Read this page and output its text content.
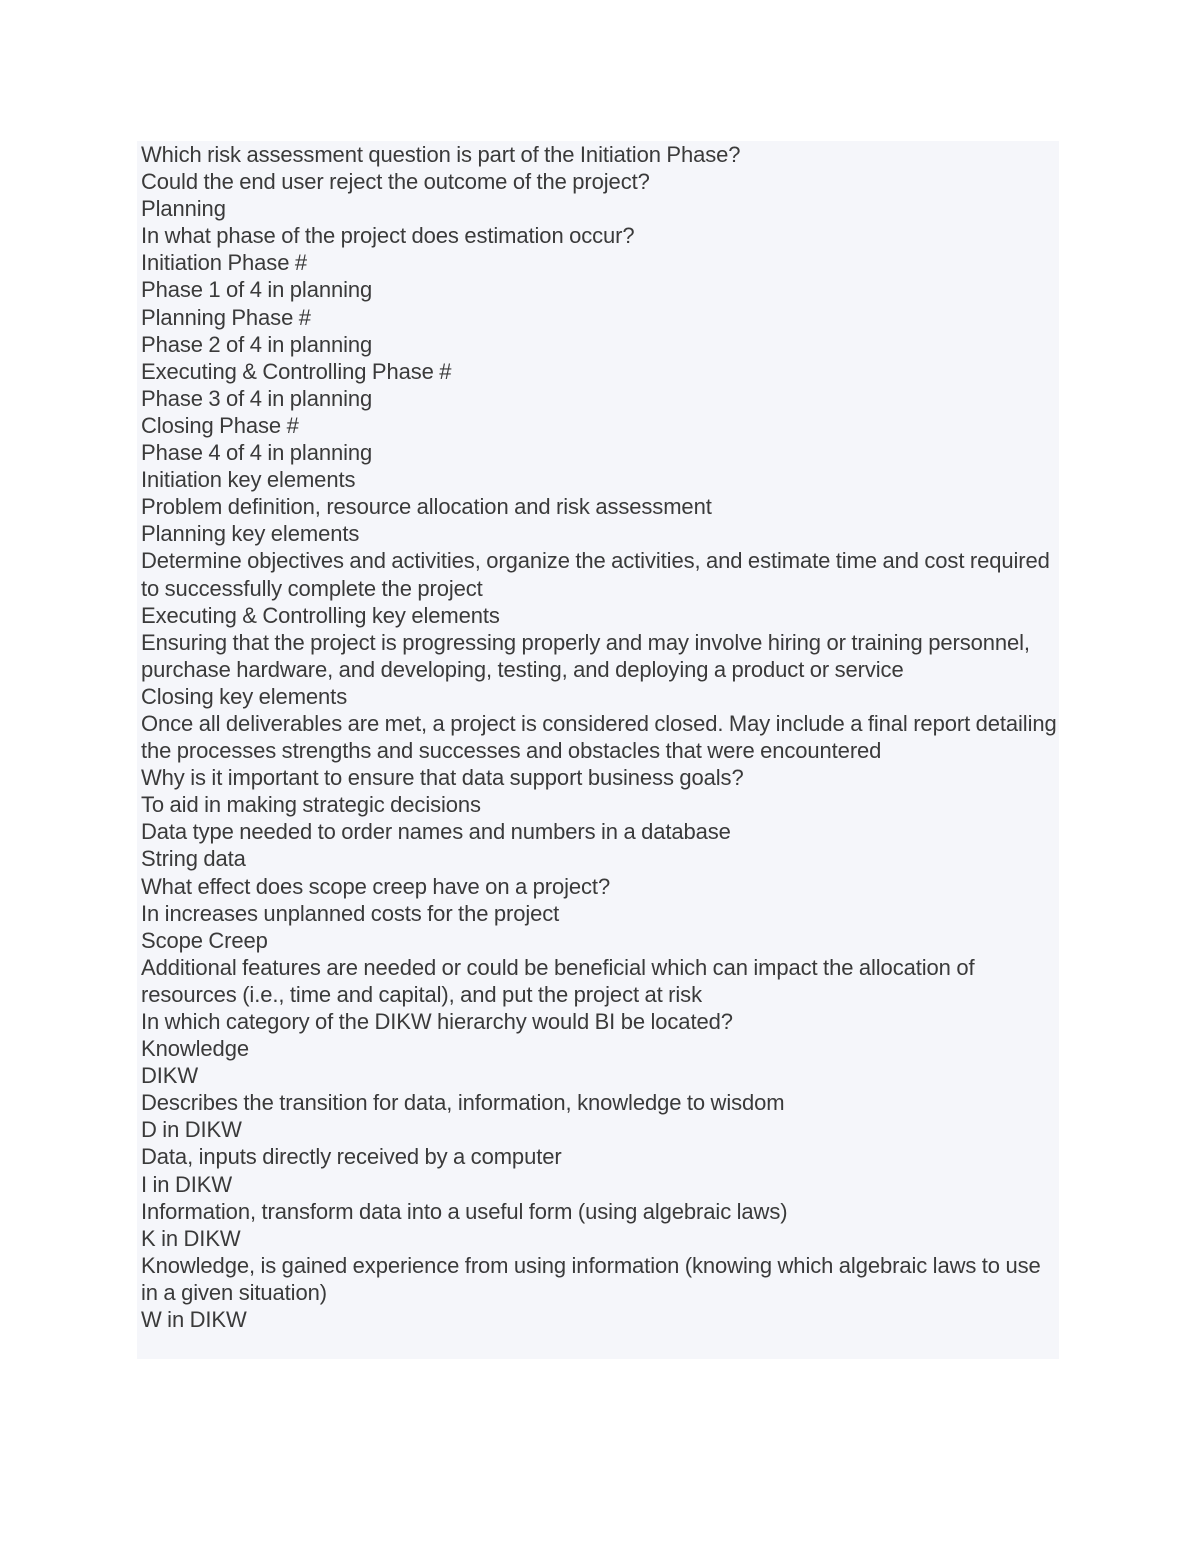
Which risk assessment question is part of the Initiation Phase?
Could the end user reject the outcome of the project?
Planning
In what phase of the project does estimation occur?
Initiation Phase #
Phase 1 of 4 in planning
Planning Phase #
Phase 2 of 4 in planning
Executing & Controlling Phase #
Phase 3 of 4 in planning
Closing Phase #
Phase 4 of 4 in planning
Initiation key elements
Problem definition, resource allocation and risk assessment
Planning key elements
Determine objectives and activities, organize the activities, and estimate time and cost required to successfully complete the project
Executing & Controlling key elements
Ensuring that the project is progressing properly and may involve hiring or training personnel, purchase hardware, and developing, testing, and deploying a product or service
Closing key elements
Once all deliverables are met, a project is considered closed. May include a final report detailing the processes strengths and successes and obstacles that were encountered
Why is it important to ensure that data support business goals?
To aid in making strategic decisions
Data type needed to order names and numbers in a database
String data
What effect does scope creep have on a project?
In increases unplanned costs for the project
Scope Creep
Additional features are needed or could be beneficial which can impact the allocation of resources (i.e., time and capital), and put the project at risk
In which category of the DIKW hierarchy would BI be located?
Knowledge
DIKW
Describes the transition for data, information, knowledge to wisdom
D in DIKW
Data, inputs directly received by a computer
I in DIKW
Information, transform data into a useful form (using algebraic laws)
K in DIKW
Knowledge, is gained experience from using information (knowing which algebraic laws to use in a given situation)
W in DIKW
